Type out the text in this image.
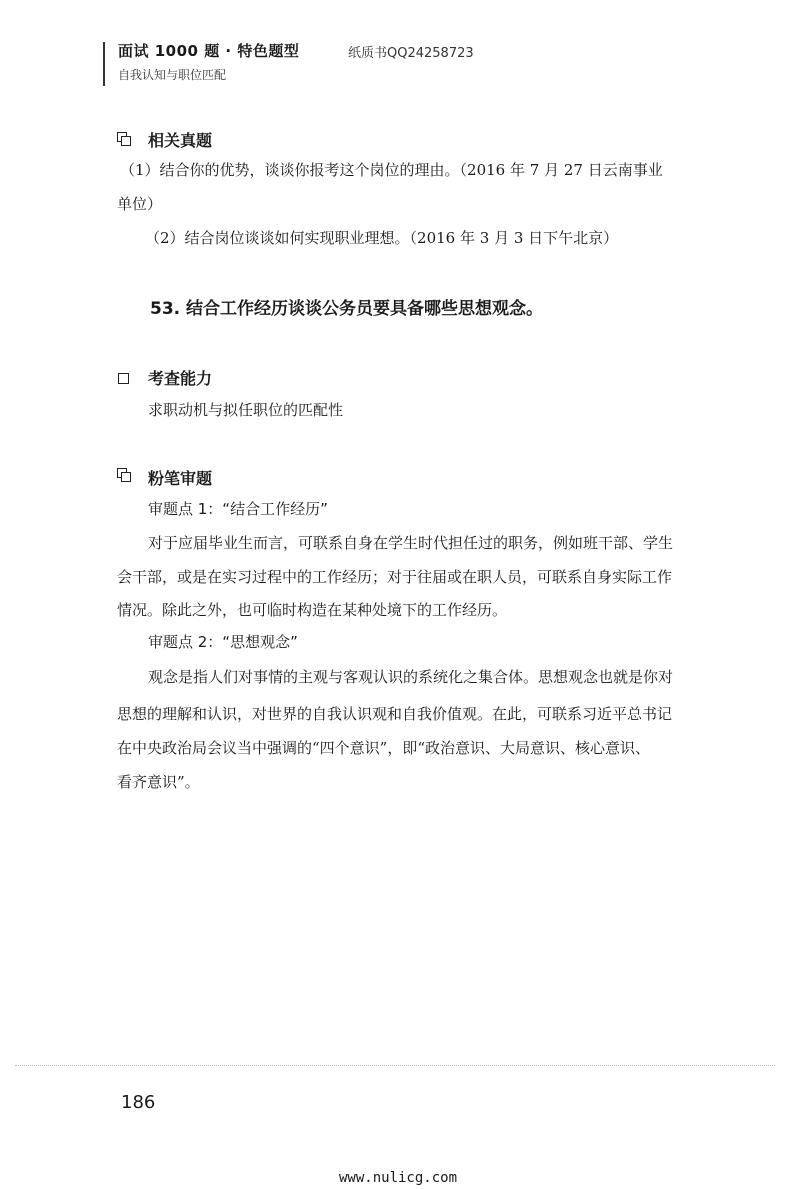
面试 1000 题 · 特色题型
自我认知与职位匹配
纸质书QQ24258723
相关真题
（1）结合你的优势，谈谈你报考这个岗位的理由。（2016 年 7 月 27 日云南事业
单位）
（2）结合岗位谈谈如何实现职业理想。（2016 年 3 月 3 日下午北京）
53. 结合工作经历谈谈公务员要具备哪些思想观念。
考查能力
求职动机与拟任职位的匹配性
粉笔审题
审题点 1：“结合工作经历”
对于应届毕业生而言，可联系自身在学生时代担任过的职务，例如班干部、学生
会干部，或是在实习过程中的工作经历；对于往届或在职人员，可联系自身实际工作
情况。除此之外，也可临时构造在某种处境下的工作经历。
审题点 2：“思想观念”
观念是指人们对事情的主观与客观认识的系统化之集合体。思想观念也就是你对
思想的理解和认识，对世界的自我认识观和自我价值观。在此，可联系习近平总书记
在中央政治局会议当中强调的“四个意识”，即“政治意识、大局意识、核心意识、
看齐意识”。
186
www.nulicg.com
